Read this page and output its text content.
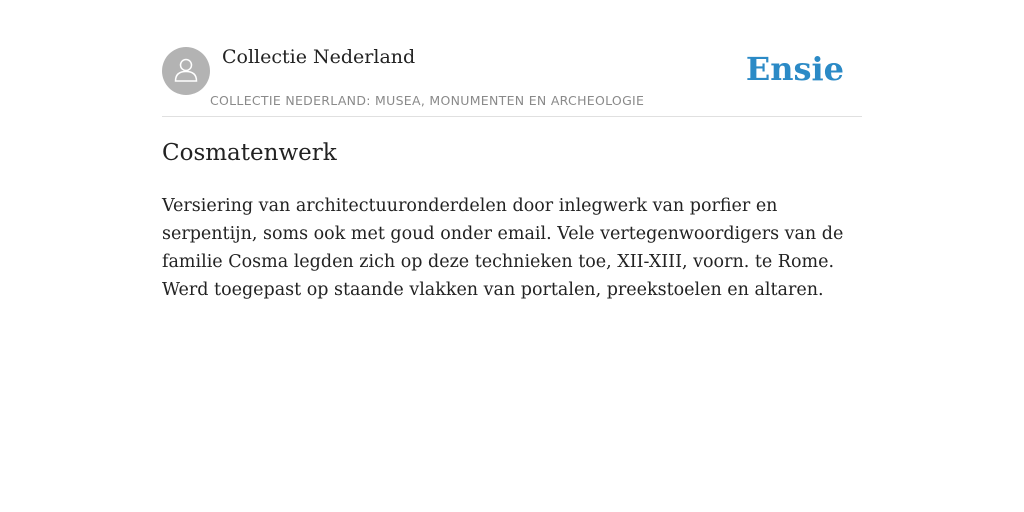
Collectie Nederland
COLLECTIE NEDERLAND: MUSEA, MONUMENTEN EN ARCHEOLOGIE
Ensie
Cosmatenwerk

Versiering van architectuuronderdelen door inlegwerk van porfier en serpentijn, soms ook met goud onder email. Vele vertegenwoordigers van de familie Cosma legden zich op deze technieken toe, XII-XIII, voorn. te Rome. Werd toegepast op staande vlakken van portalen, preekstoelen en altaren.
